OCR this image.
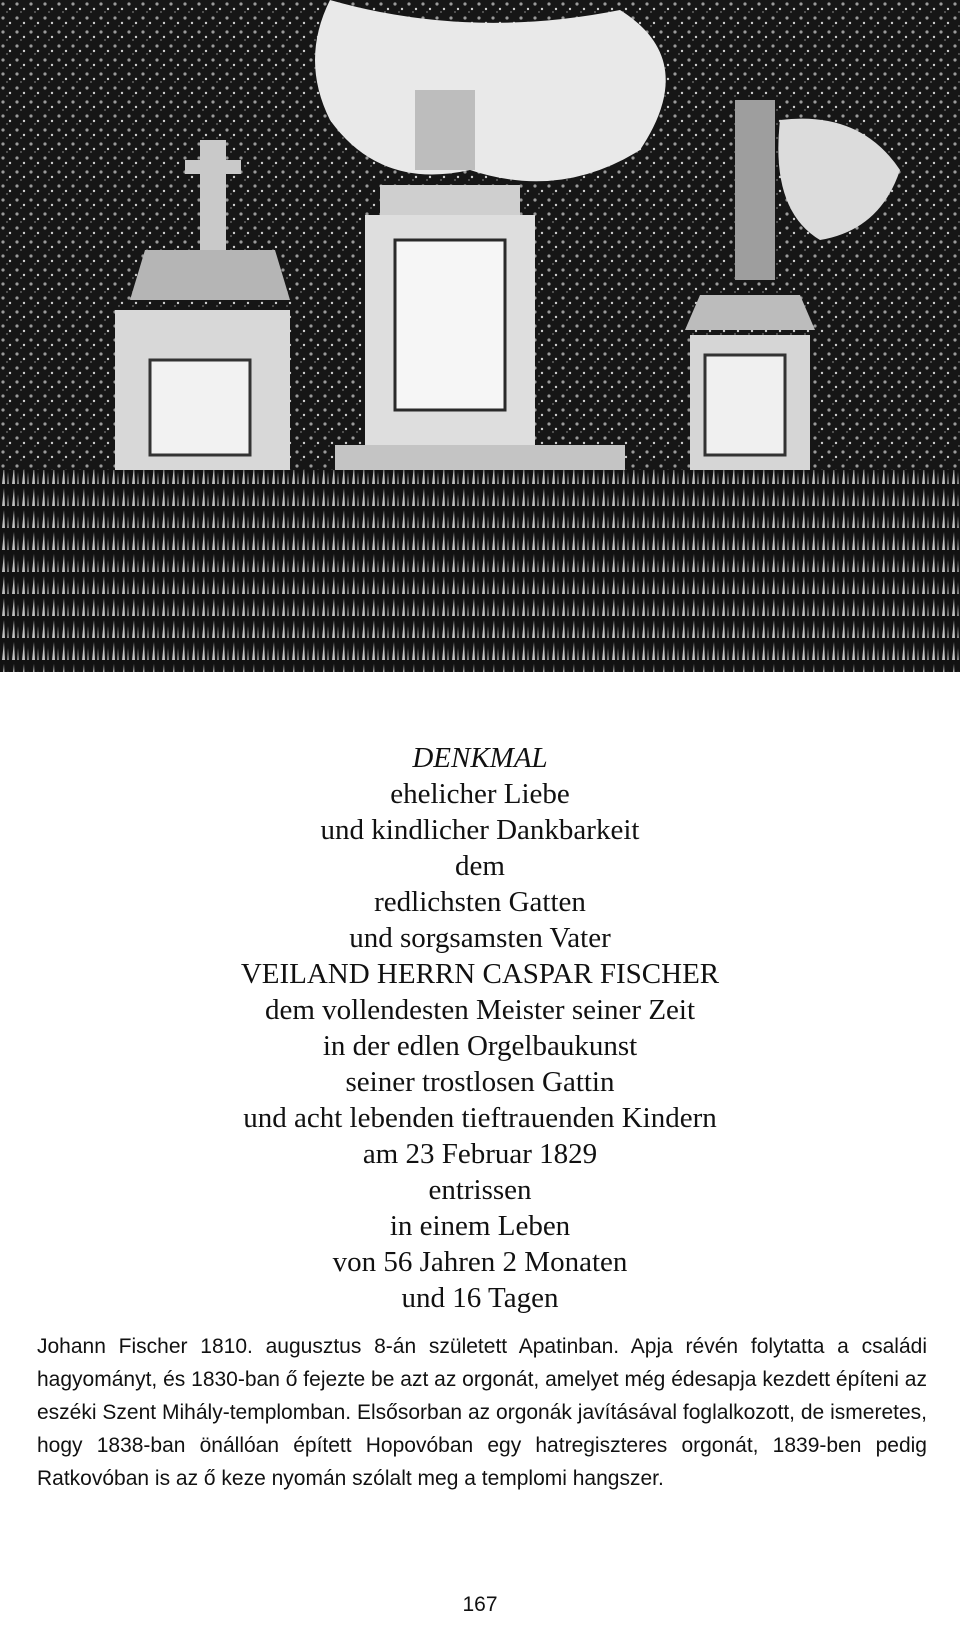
DENKMAL
ehelicher Liebe
und kindlicher Dankbarkeit
dem
redlichsten Gatten
und sorgsamsten Vater
VEILAND HERRN CASPAR FISCHER
dem vollendesten Meister seiner Zeit
in der edlen Orgelbaukunst
seiner trostlosen Gattin
und acht lebenden tieftrauenden Kindern
am 23 Februar 1829
entrissen
in einem Leben
von 56 Jahren 2 Monaten
und 16 Tagen

Johann Fischer 1810. augusztus 8-án született Apatinban. Apja révén folytatta a családi hagyományt, és 1830-ban ő fejezte be azt az orgonát, amelyet még édesapja kezdett építeni az eszéki Szent Mihály-templomban. Elsősorban az orgonák javításával foglalkozott, de ismeretes, hogy 1838-ban önállóan épített Hopovóban egy hatregiszteres orgonát, 1839-ben pedig Ratkovóban is az ő keze nyomán szólalt meg a templomi hangszer.

167
